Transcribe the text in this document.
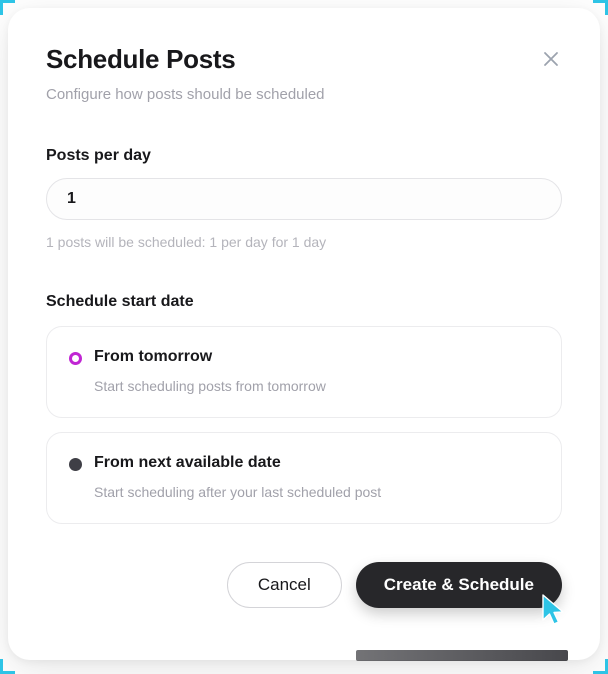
Schedule Posts
Configure how posts should be scheduled
Posts per day
1
1 posts will be scheduled: 1 per day for 1 day
Schedule start date
From tomorrow
Start scheduling posts from tomorrow
From next available date
Start scheduling after your last scheduled post
Cancel	Create & Schedule
